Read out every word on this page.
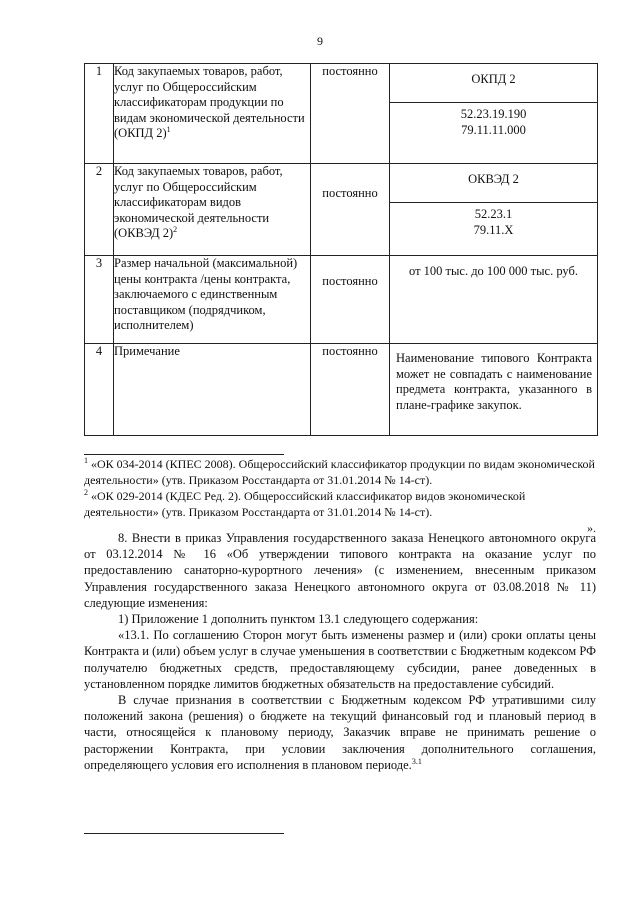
9
1	Код закупаемых товаров, работ, услуг по Общероссийским классификаторам продукции по видам экономической деятельности (ОКПД 2)$^1$	постоянно	ОКПД 2
52.23.19.190
79.11.11.000

2	Код закупаемых товаров, работ, услуг по Общероссийским классификаторам видов экономической деятельности (ОКВЭД 2)$^2$	постоянно	ОКВЭД 2
52.23.1
79.11.Х

3	Размер начальной (максимальной) цены контракта /цены контракта, заключаемого с единственным поставщиком (подрядчиком, исполнителем)	постоянно	от 100 тыс. до 100 000 тыс. руб.

4	Примечание	постоянно	Наименование типового Контракта может не совпадать с наименование предмета контракта, указанного в плане-графике закупок.

$^1$ «ОК 034-2014 (КПЕС 2008). Общероссийский классификатор продукции по видам экономической деятельности» (утв. Приказом Росстандарта от 31.01.2014 № 14-ст).

$^2$ «ОК 029-2014 (КДЕС Ред. 2). Общероссийский классификатор видов экономической деятельности» (утв. Приказом Росстандарта от 31.01.2014 № 14-ст).

».

8. Внести в приказ Управления государственного заказа Ненецкого автономного округа от 03.12.2014 № 16 «Об утверждении типового контракта на оказание услуг по предоставлению санаторно-курортного лечения» (с изменением, внесенным приказом Управления государственного заказа Ненецкого автономного округа от 03.08.2018 № 11) следующие изменения:

1) Приложение 1 дополнить пунктом 13.1 следующего содержания:

«13.1. По соглашению Сторон могут быть изменены размер и (или) сроки оплаты цены Контракта и (или) объем услуг в случае уменьшения в соответствии с Бюджетным кодексом РФ получателю бюджетных средств, предоставляющему субсидии, ранее доведенных в установленном порядке лимитов бюджетных обязательств на предоставление субсидий.

В случае признания в соответствии с Бюджетным кодексом РФ утратившими силу положений закона (решения) о бюджете на текущий финансовый год и плановый период в части, относящейся к плановому периоду, Заказчик вправе не принимать решение о расторжении Контракта, при условии заключения дополнительного соглашения, определяющего условия его исполнения в плановом периоде.$^{3.1}$
